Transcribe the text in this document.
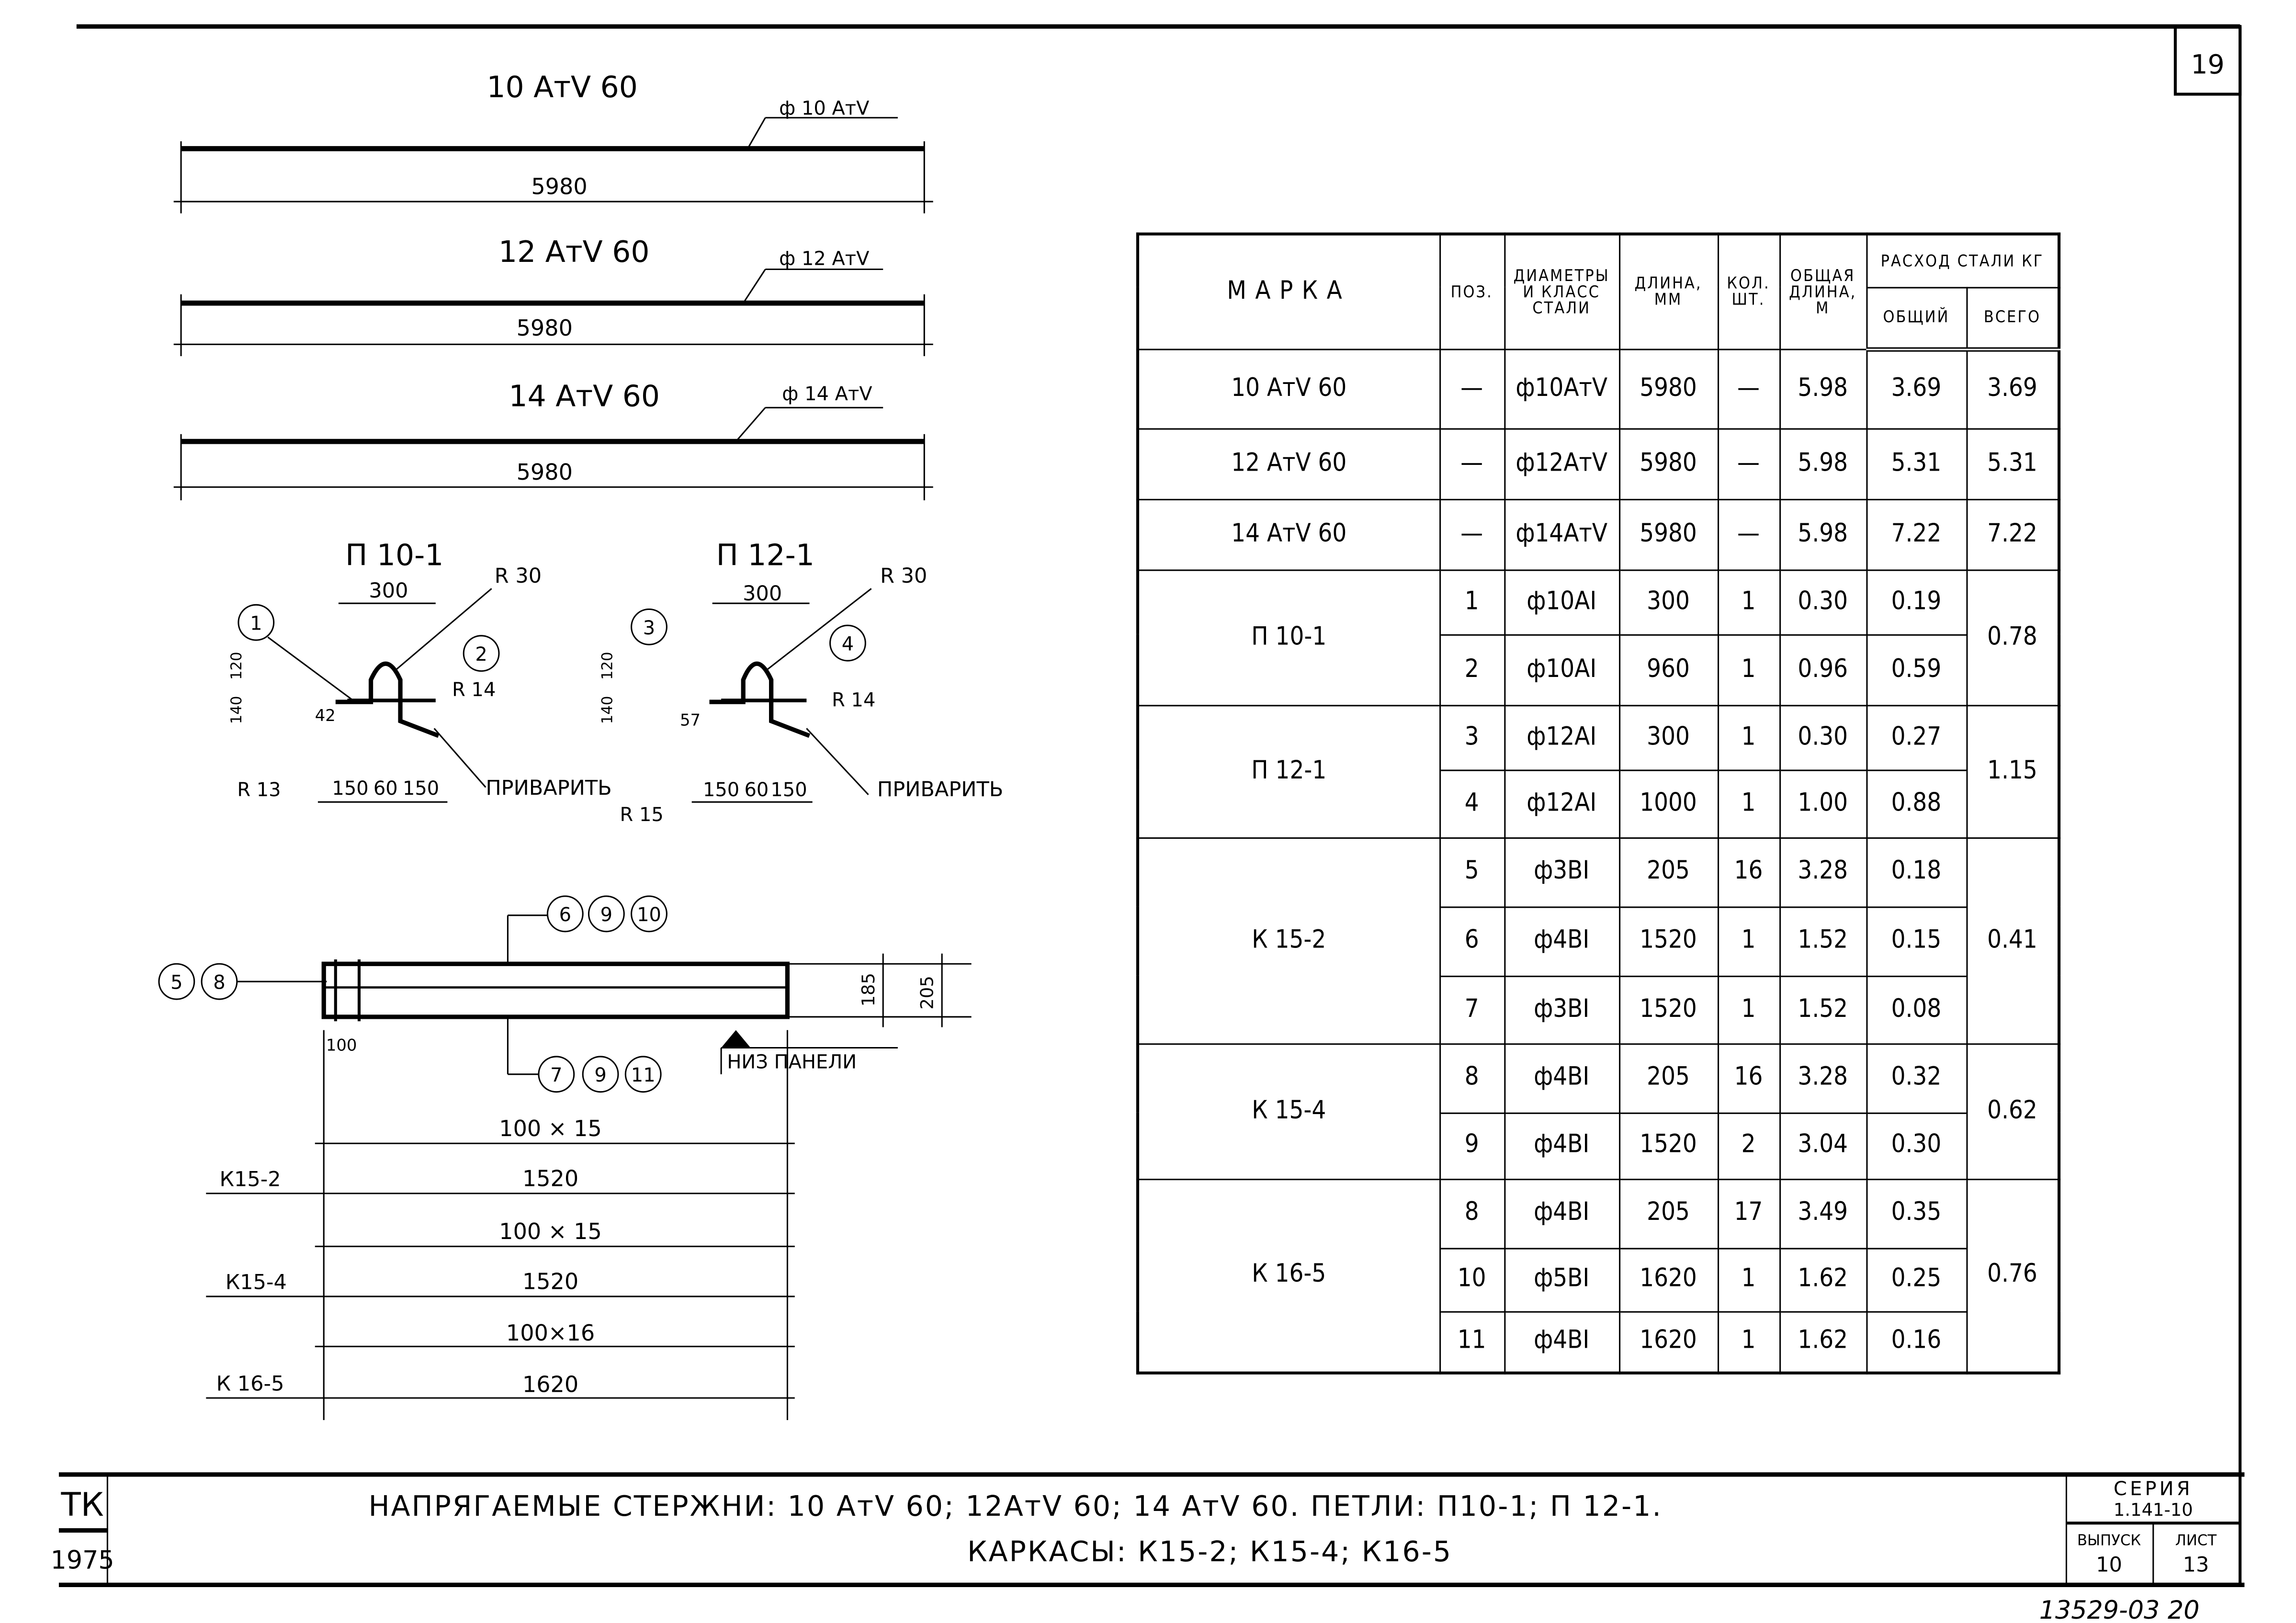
19
10 АтⅤ 60
ф 10 АтⅤ
5980
12 АтⅤ 60	ф 12 АтⅤ
5980
14 АтⅤ 60	ф 14 АтⅤ
5980
П 10-1
300
R 30
1
2
R 14
120
140	42
150 60 150
R 13	ПРИВАРИТЬ
П 12-1
300
R 30
3
4
R 14
120
140	57
150 60 150
R 15
ПРИВАРИТЬ
6	9	10
7	9	11
5	8	185	205
100
НИЗ ПАНЕЛИ
100 × 15
К15-2	1520
100 × 15
К15-4	1520
100×16
К 16-5	1620
ТК
1975
НАПРЯГАЕМЫЕ СТЕРЖНИ: 10 АтⅤ 60; 12АтⅤ 60; 14 АтⅤ 60. ПЕТЛИ: П10-1; П 12-1.
КАРКАСЫ: К15-2; К15-4; К16-5
СЕРИЯ
1.141-10
ВЫПУСК
10
ЛИСТ
13
13529-03 20
МАРКА	ПОЗ.	ДИАМЕТРЫ И КЛАСС СТАЛИ	ДЛИНА, ММ	КОЛ. ШТ.	ОБЩАЯ ДЛИНА, М	РАСХОД СТАЛИ КГ	
						ОБЩИЙ	ВСЕГО
10 АтⅤ 60	—	ф10АтⅤ	5980	—	5.98	3.69	3.69
12 АтⅤ 60	—	ф12АтⅤ	5980	—	5.98	5.31	5.31
14 АтⅤ 60	—	ф14АтⅤ	5980	—	5.98	7.22	7.22
П 10-1	1	ф10АⅠ	300	1	0.30	0.19	0.78
	2	ф10АⅠ	960	1	0.96	0.59	
П 12-1	3	ф12АⅠ	300	1	0.30	0.27	1.15
	4	ф12АⅠ	1000	1	1.00	0.88	
К 15-2	5	ф3ВⅠ	205	16	3.28	0.18	0.41
	6	ф4ВⅠ	1520	1	1.52	0.15	
	7	ф3ВⅠ	1520	1	1.52	0.08	
К 15-4	8	ф4ВⅠ	205	16	3.28	0.32	0.62
	9	ф4ВⅠ	1520	2	3.04	0.30	
К 16-5	8	ф4ВⅠ	205	17	3.49	0.35	0.76
	10	ф5ВⅠ	1620	1	1.62	0.25	
	11	ф4ВⅠ	1620	1	1.62	0.16	
